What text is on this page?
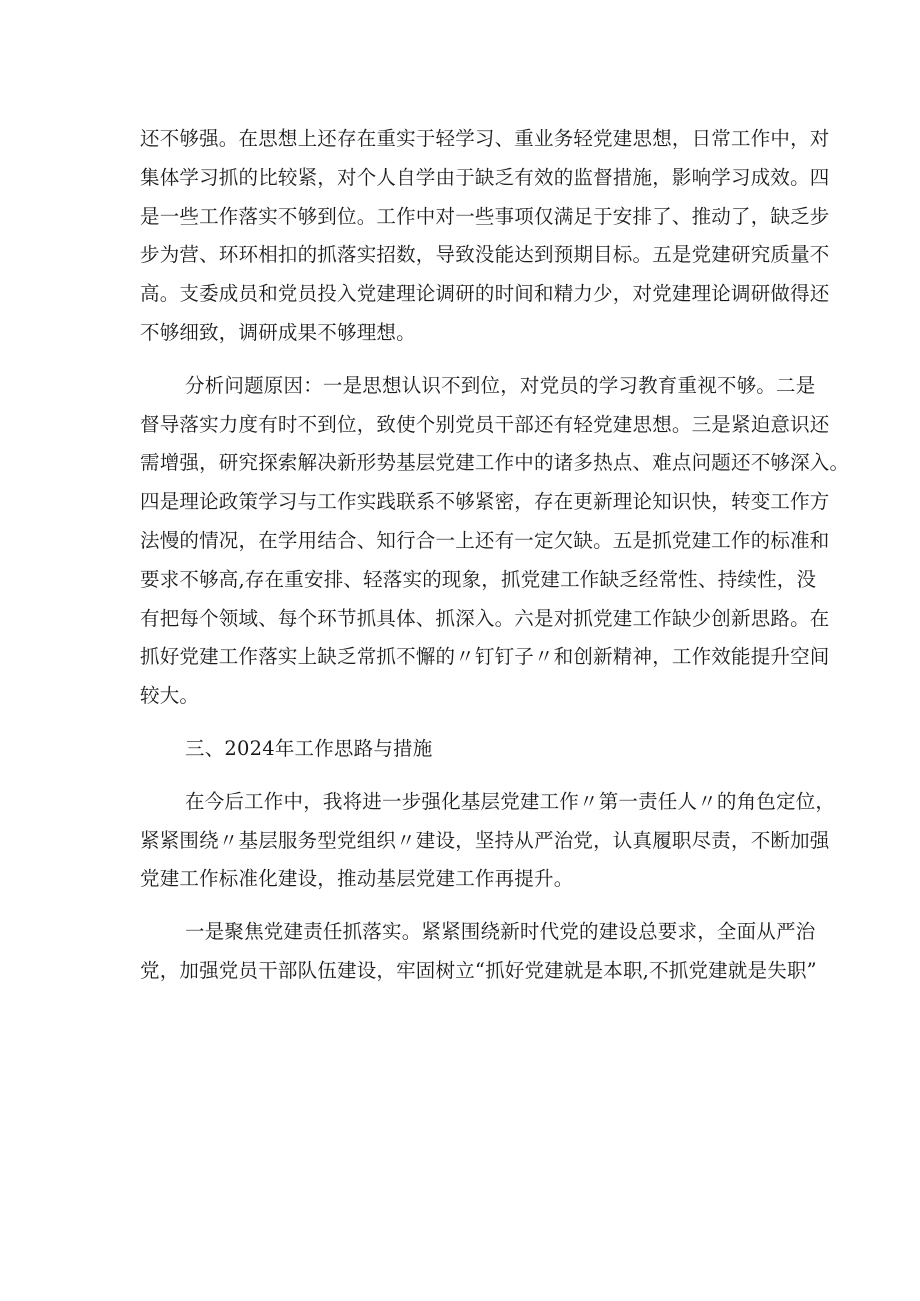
还不够强。在思想上还存在重实于轻学习、重业务轻党建思想，日常工作中，对
集体学习抓的比较紧，对个人自学由于缺乏有效的监督措施，影响学习成效。四
是一些工作落实不够到位。工作中对一些事项仅满足于安排了、推动了，缺乏步
步为营、环环相扣的抓落实招数，导致没能达到预期目标。五是党建研究质量不
高。支委成员和党员投入党建理论调研的时间和精力少，对党建理论调研做得还
不够细致，调研成果不够理想。
分析问题原因：一是思想认识不到位，对党员的学习教育重视不够。二是
督导落实力度有时不到位，致使个别党员干部还有轻党建思想。三是紧迫意识还
需增强，研究探索解决新形势基层党建工作中的诸多热点、难点问题还不够深入。
四是理论政策学习与工作实践联系不够紧密，存在更新理论知识快，转变工作方
法慢的情况，在学用结合、知行合一上还有一定欠缺。五是抓党建工作的标准和
要求不够高,存在重安排、轻落实的现象，抓党建工作缺乏经常性、持续性，没
有把每个领域、每个环节抓具体、抓深入。六是对抓党建工作缺少创新思路。在
抓好党建工作落实上缺乏常抓不懈的〃钉钉子〃和创新精神，工作效能提升空间
较大。
三、2024年工作思路与措施
在今后工作中，我将进一步强化基层党建工作〃第一责任人〃的角色定位，
紧紧围绕〃基层服务型党组织〃建设，坚持从严治党，认真履职尽责，不断加强
党建工作标准化建设，推动基层党建工作再提升。
一是聚焦党建责任抓落实。紧紧围绕新时代党的建设总要求，全面从严治
党，加强党员干部队伍建设，牢固树立“抓好党建就是本职,不抓党建就是失职”
